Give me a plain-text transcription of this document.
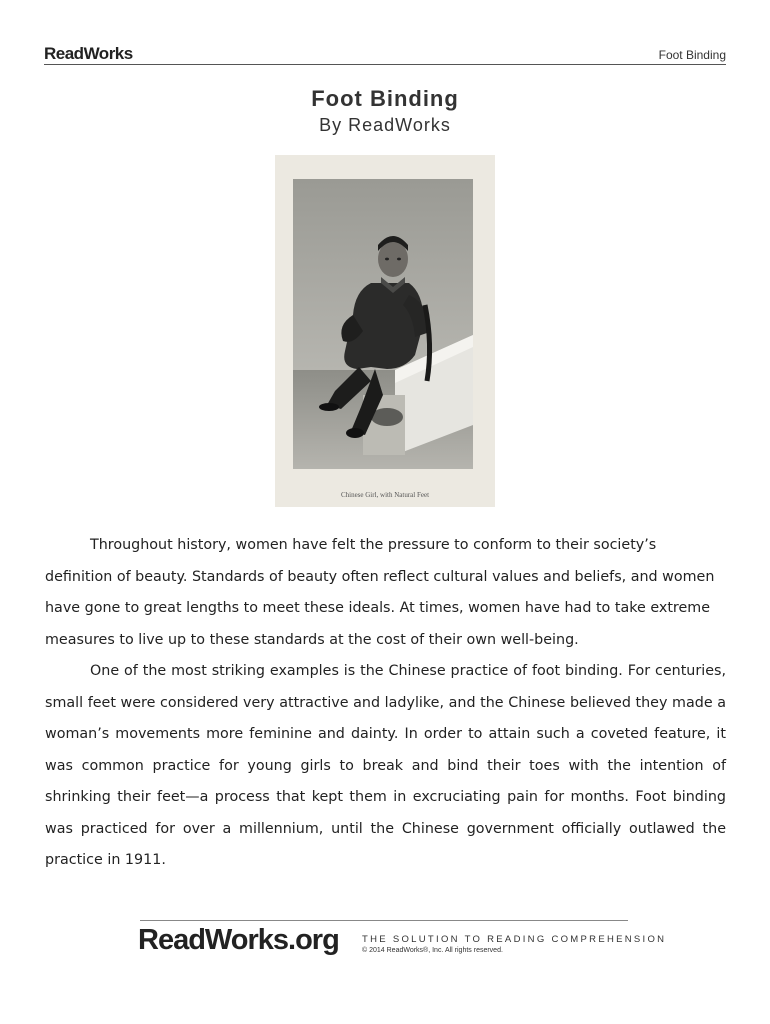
ReadWorks	Foot Binding
Foot Binding
By ReadWorks
Chinese Girl, with Natural Feet

Throughout history, women have felt the pressure to conform to their society’s definition of beauty. Standards of beauty often reflect cultural values and beliefs, and women have gone to great lengths to meet these ideals. At times, women have had to take extreme measures to live up to these standards at the cost of their own well-being.

One of the most striking examples is the Chinese practice of foot binding. For centuries, small feet were considered very attractive and ladylike, and the Chinese believed they made a woman’s movements more feminine and dainty. In order to attain such a coveted feature, it was common practice for young girls to break and bind their toes with the intention of shrinking their feet—a process that kept them in excruciating pain for months. Foot binding was practiced for over a millennium, until the Chinese government officially outlawed the practice in 1911.

ReadWorks.org THE SOLUTION TO READING COMPREHENSION
© 2014 ReadWorks®, Inc. All rights reserved.
